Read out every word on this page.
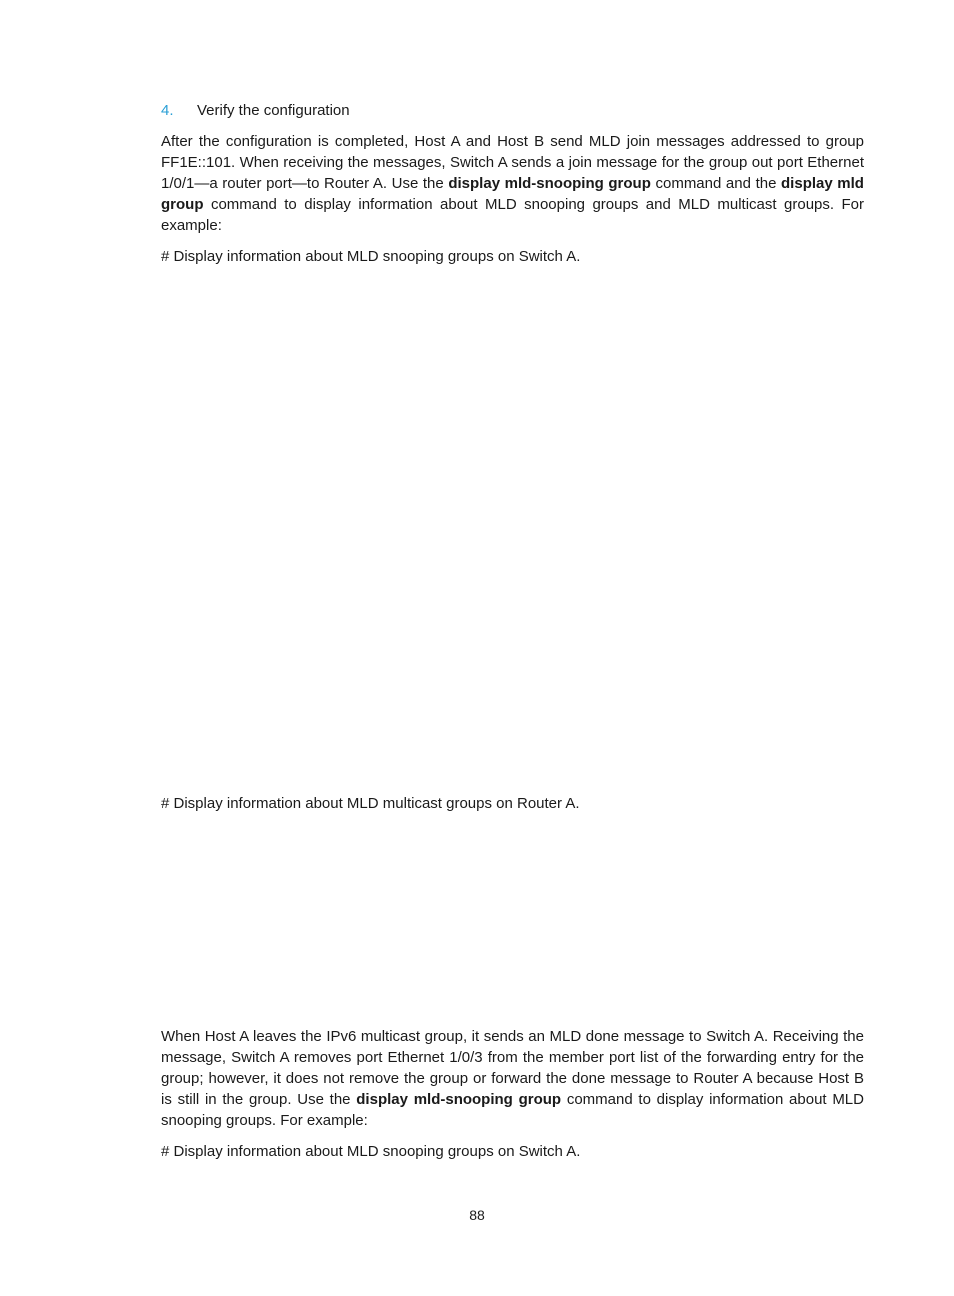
4. Verify the configuration
After the configuration is completed, Host A and Host B send MLD join messages addressed to group FF1E::101. When receiving the messages, Switch A sends a join message for the group out port Ethernet 1/0/1—a router port—to Router A. Use the display mld-snooping group command and the display mld group command to display information about MLD snooping groups and MLD multicast groups. For example:
# Display information about MLD snooping groups on Switch A.
# Display information about MLD multicast groups on Router A.
When Host A leaves the IPv6 multicast group, it sends an MLD done message to Switch A. Receiving the message, Switch A removes port Ethernet 1/0/3 from the member port list of the forwarding entry for the group; however, it does not remove the group or forward the done message to Router A because Host B is still in the group. Use the display mld-snooping group command to display information about MLD snooping groups. For example:
# Display information about MLD snooping groups on Switch A.
88
